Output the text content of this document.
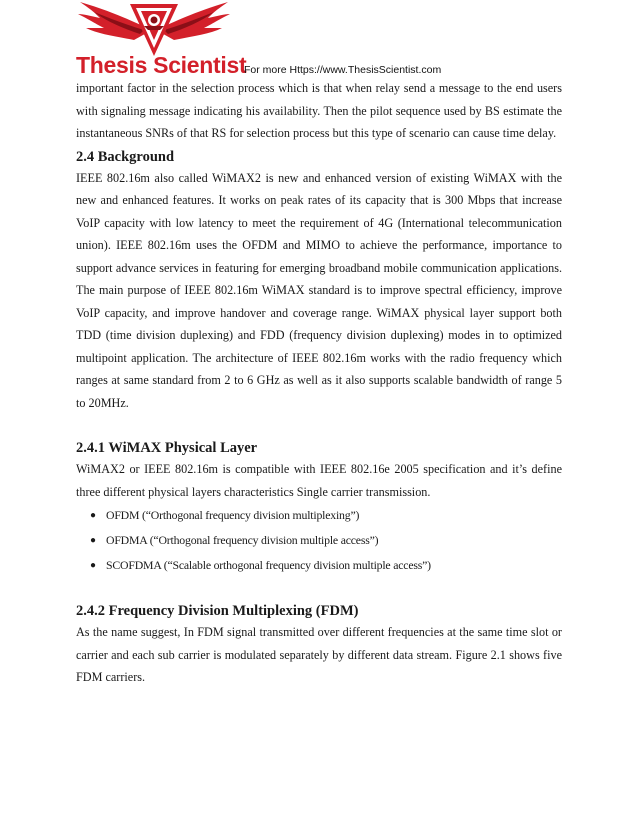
Thesis Scientist
For more Https://www.ThesisScientist.com

important factor in the selection process which is that when relay send a message to the end users with signaling message indicating his availability. Then the pilot sequence used by BS estimate the instantaneous SNRs of that RS for selection process but this type of scenario can cause time delay.

2.4 Background

IEEE 802.16m also called WiMAX2 is new and enhanced version of existing WiMAX with the new and enhanced features. It works on peak rates of its capacity that is 300 Mbps that increase VoIP capacity with low latency to meet the requirement of 4G (International telecommunication union). IEEE 802.16m uses the OFDM and MIMO to achieve the performance, importance to support advance services in featuring for emerging broadband mobile communication applications. The main purpose of IEEE 802.16m WiMAX standard is to improve spectral efficiency, improve VoIP capacity, and improve handover and coverage range. WiMAX physical layer support both TDD (time division duplexing) and FDD (frequency division duplexing) modes in to optimized multipoint application. The architecture of IEEE 802.16m works with the radio frequency which ranges at same standard from 2 to 6 GHz as well as it also supports scalable bandwidth of range 5 to 20MHz.

2.4.1 WiMAX Physical Layer

WiMAX2 or IEEE 802.16m is compatible with IEEE 802.16e 2005 specification and it’s define three different physical layers characteristics Single carrier transmission.

● OFDM (“Orthogonal frequency division multiplexing”)
● OFDMA (“Orthogonal frequency division multiple access”)
● SCOFDMA (“Scalable orthogonal frequency division multiple access”)
2.4.2 Frequency Division Multiplexing (FDM)

As the name suggest, In FDM signal transmitted over different frequencies at the same time slot or carrier and each sub carrier is modulated separately by different data stream. Figure 2.1 shows five FDM carriers.
